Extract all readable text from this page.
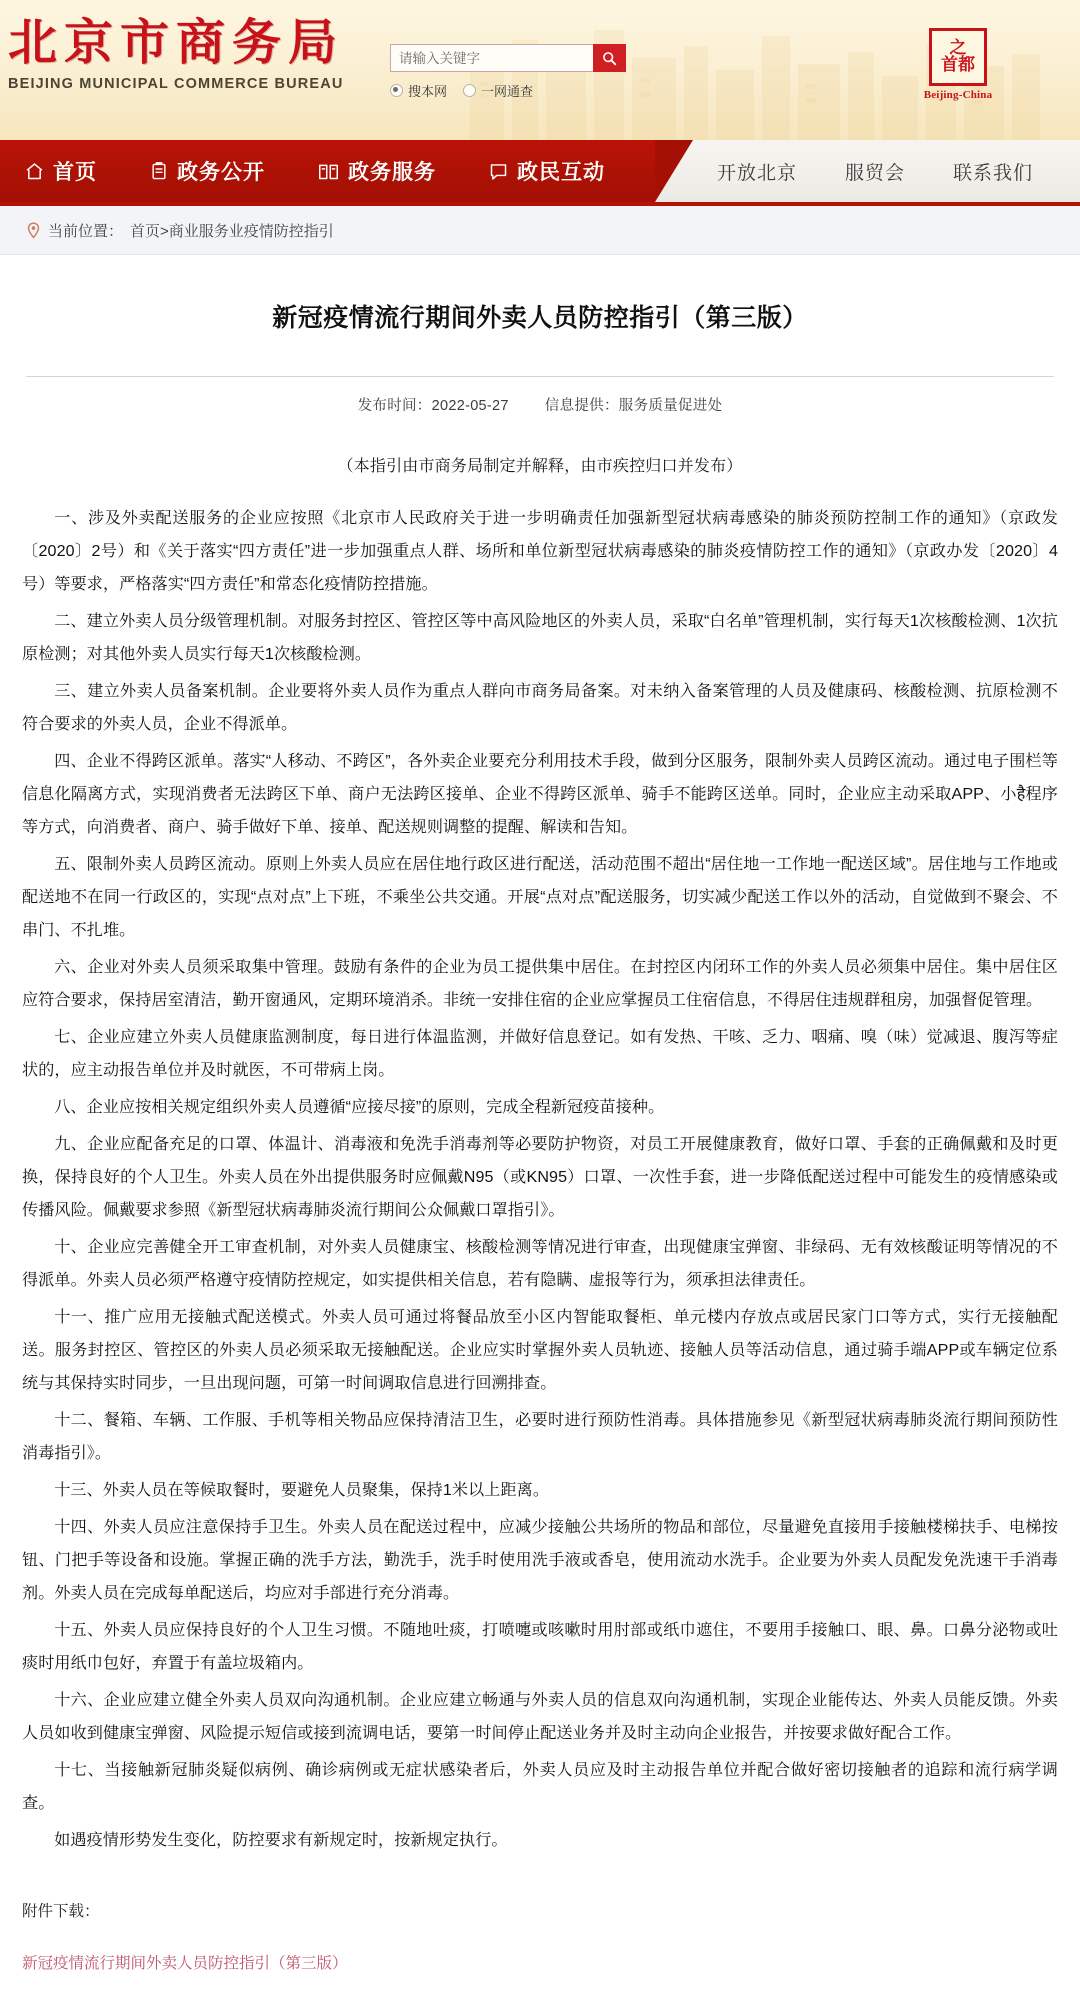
北京市商务局
BEIJING MUNICIPAL COMMERCE BUREAU
请输入关键字	搜本网	一网通查
之
首都
Beijing-China
首页	政务公开	政务服务	政民互动	开放北京	服贸会	联系我们
当前位置： 首页>商业服务业疫情防控指引
新冠疫情流行期间外卖人员防控指引（第三版）
发布时间：2022-05-27 信息提供：服务质量促进处
（本指引由市商务局制定并解释，由市疾控归口并发布）

一、涉及外卖配送服务的企业应按照《北京市人民政府关于进一步明确责任加强新型冠状病毒感染的肺炎预防控制工作的通知》（京政发〔2020〕2号）和《关于落实“四方责任”进一步加强重点人群、场所和单位新型冠状病毒感染的肺炎疫情防控工作的通知》（京政办发〔2020〕4号）等要求，严格落实“四方责任”和常态化疫情防控措施。

二、建立外卖人员分级管理机制。对服务封控区、管控区等中高风险地区的外卖人员，采取“白名单”管理机制，实行每天1次核酸检测、1次抗原检测；对其他外卖人员实行每天1次核酸检测。

三、建立外卖人员备案机制。企业要将外卖人员作为重点人群向市商务局备案。对未纳入备案管理的人员及健康码、核酸检测、抗原检测不符合要求的外卖人员，企业不得派单。

四、企业不得跨区派单。落实“人移动、不跨区”，各外卖企业要充分利用技术手段，做到分区服务，限制外卖人员跨区流动。通过电子围栏等信息化隔离方式，实现消费者无法跨区下单、商户无法跨区接单、企业不得跨区派单、骑手不能跨区送单。同时，企业应主动采取APP、小है程序等方式，向消费者、商户、骑手做好下单、接单、配送规则调整的提醒、解读和告知。

五、限制外卖人员跨区流动。原则上外卖人员应在居住地行政区进行配送，活动范围不超出“居住地一工作地一配送区域”。居住地与工作地或配送地不在同一行政区的，实现“点对点”上下班，不乘坐公共交通。开展“点对点”配送服务，切实减少配送工作以外的活动，自觉做到不聚会、不串门、不扎堆。

六、企业对外卖人员须采取集中管理。鼓励有条件的企业为员工提供集中居住。在封控区内闭环工作的外卖人员必须集中居住。集中居住区应符合要求，保持居室清洁，勤开窗通风，定期环境消杀。非统一安排住宿的企业应掌握员工住宿信息，不得居住违规群租房，加强督促管理。

七、企业应建立外卖人员健康监测制度，每日进行体温监测，并做好信息登记。如有发热、干咳、乏力、咽痛、嗅（味）觉减退、腹泻等症状的，应主动报告单位并及时就医，不可带病上岗。

八、企业应按相关规定组织外卖人员遵循“应接尽接”的原则，完成全程新冠疫苗接种。

九、企业应配备充足的口罩、体温计、消毒液和免洗手消毒剂等必要防护物资，对员工开展健康教育，做好口罩、手套的正确佩戴和及时更换，保持良好的个人卫生。外卖人员在外出提供服务时应佩戴N95（或KN95）口罩、一次性手套，进一步降低配送过程中可能发生的疫情感染或传播风险。佩戴要求参照《新型冠状病毒肺炎流行期间公众佩戴口罩指引》。

十、企业应完善健全开工审查机制，对外卖人员健康宝、核酸检测等情况进行审查，出现健康宝弹窗、非绿码、无有效核酸证明等情况的不得派单。外卖人员必须严格遵守疫情防控规定，如实提供相关信息，若有隐瞒、虚报等行为，须承担法律责任。

十一、推广应用无接触式配送模式。外卖人员可通过将餐品放至小区内智能取餐柜、单元楼内存放点或居民家门口等方式，实行无接触配送。服务封控区、管控区的外卖人员必须采取无接触配送。企业应实时掌握外卖人员轨迹、接触人员等活动信息，通过骑手端APP或车辆定位系统与其保持实时同步，一旦出现问题，可第一时间调取信息进行回溯排查。

十二、餐箱、车辆、工作服、手机等相关物品应保持清洁卫生，必要时进行预防性消毒。具体措施参见《新型冠状病毒肺炎流行期间预防性消毒指引》。

十三、外卖人员在等候取餐时，要避免人员聚集，保持1米以上距离。

十四、外卖人员应注意保持手卫生。外卖人员在配送过程中，应减少接触公共场所的物品和部位，尽量避免直接用手接触楼梯扶手、电梯按钮、门把手等设备和设施。掌握正确的洗手方法，勤洗手，洗手时使用洗手液或香皂，使用流动水洗手。企业要为外卖人员配发免洗速干手消毒剂。外卖人员在完成每单配送后，均应对手部进行充分消毒。

十五、外卖人员应保持良好的个人卫生习惯。不随地吐痰，打喷嚏或咳嗽时用肘部或纸巾遮住，不要用手接触口、眼、鼻。口鼻分泌物或吐痰时用纸巾包好，弃置于有盖垃圾箱内。

十六、企业应建立健全外卖人员双向沟通机制。企业应建立畅通与外卖人员的信息双向沟通机制，实现企业能传达、外卖人员能反馈。外卖人员如收到健康宝弹窗、风险提示短信或接到流调电话，要第一时间停止配送业务并及时主动向企业报告，并按要求做好配合工作。

十七、当接触新冠肺炎疑似病例、确诊病例或无症状感染者后，外卖人员应及时主动报告单位并配合做好密切接触者的追踪和流行病学调查。

如遇疫情形势发生变化，防控要求有新规定时，按新规定执行。

附件下载：
新冠疫情流行期间外卖人员防控指引（第三版）
